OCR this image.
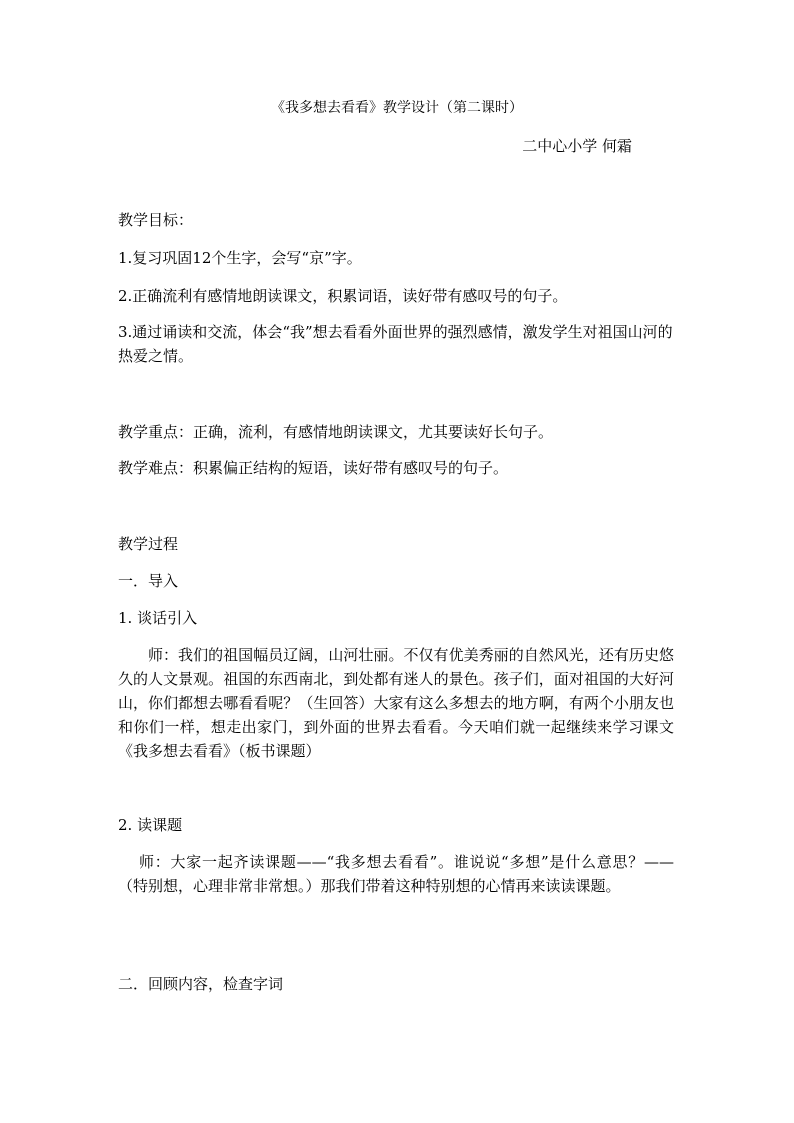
《我多想去看看》教学设计（第二课时）

二中心小学 何霜

教学目标：

1.复习巩固12个生字，会写“京”字。

2.正确流利有感情地朗读课文，积累词语，读好带有感叹号的句子。

3.通过诵读和交流，体会“我”想去看看外面世界的强烈感情，激发学生对祖国山河的热爱之情。

教学重点：正确，流利，有感情地朗读课文，尤其要读好长句子。

教学难点：积累偏正结构的短语，读好带有感叹号的句子。

教学过程

一．导入

1. 谈话引入

师：我们的祖国幅员辽阔，山河壮丽。不仅有优美秀丽的自然风光，还有历史悠久的人文景观。祖国的东西南北，到处都有迷人的景色。孩子们，面对祖国的大好河山，你们都想去哪看看呢？（生回答）大家有这么多想去的地方啊，有两个小朋友也和你们一样，想走出家门，到外面的世界去看看。今天咱们就一起继续来学习课文《我多想去看看》（板书课题）

2. 读课题

师：大家一起齐读课题——“我多想去看看”。谁说说“多想”是什么意思？——（特别想，心理非常非常想。）那我们带着这种特别想的心情再来读读课题。

二．回顾内容，检查字词
